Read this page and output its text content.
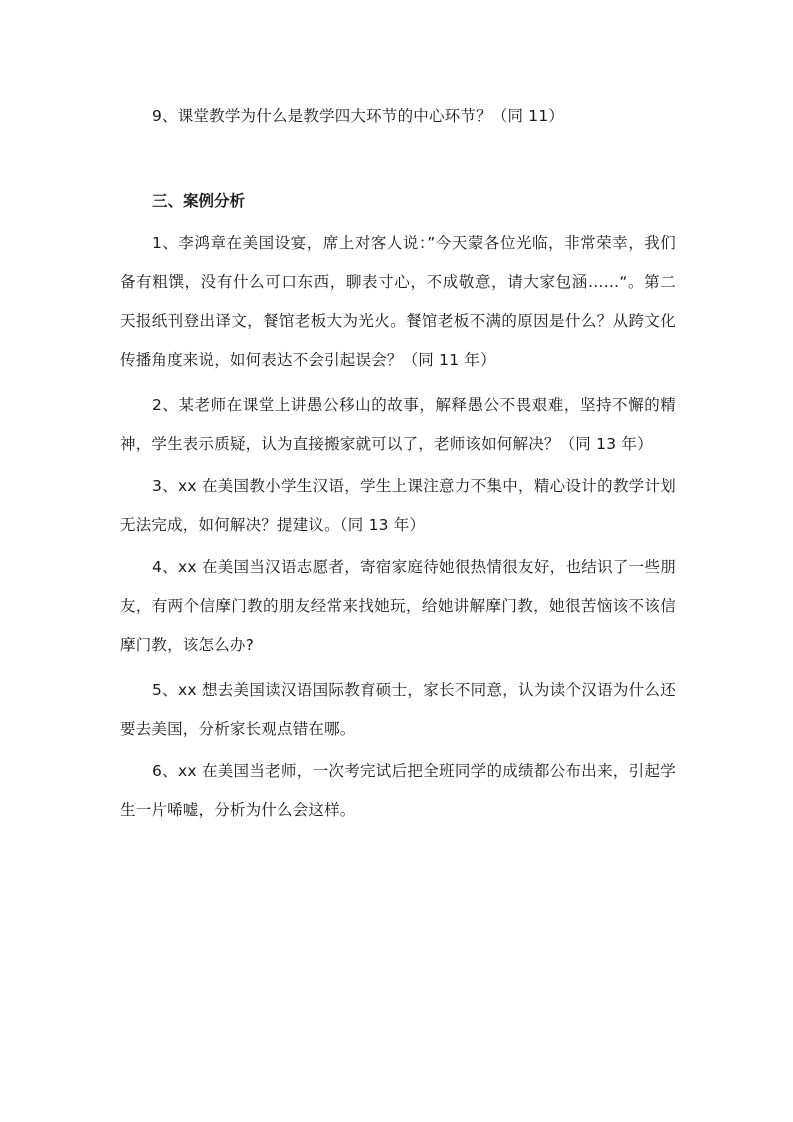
9、课堂教学为什么是教学四大环节的中心环节？（同 11）

三、案例分析

1、李鸿章在美国设宴，席上对客人说：”今天蒙各位光临，非常荣幸，我们备有粗馔，没有什么可口东西，聊表寸心，不成敬意，请大家包涵……“。第二天报纸刊登出译文，餐馆老板大为光火。餐馆老板不满的原因是什么？从跨文化传播角度来说，如何表达不会引起误会？（同 11 年）

2、某老师在课堂上讲愚公移山的故事，解释愚公不畏艰难，坚持不懈的精神，学生表示质疑，认为直接搬家就可以了，老师该如何解决？（同 13 年）

3、xx 在美国教小学生汉语，学生上课注意力不集中，精心设计的教学计划无法完成，如何解决？提建议。（同 13 年）

4、xx 在美国当汉语志愿者，寄宿家庭待她很热情很友好，也结识了一些朋友，有两个信摩门教的朋友经常来找她玩，给她讲解摩门教，她很苦恼该不该信摩门教，该怎么办?

5、xx 想去美国读汉语国际教育硕士，家长不同意，认为读个汉语为什么还要去美国，分析家长观点错在哪。

6、xx 在美国当老师，一次考完试后把全班同学的成绩都公布出来，引起学生一片唏嘘，分析为什么会这样。
